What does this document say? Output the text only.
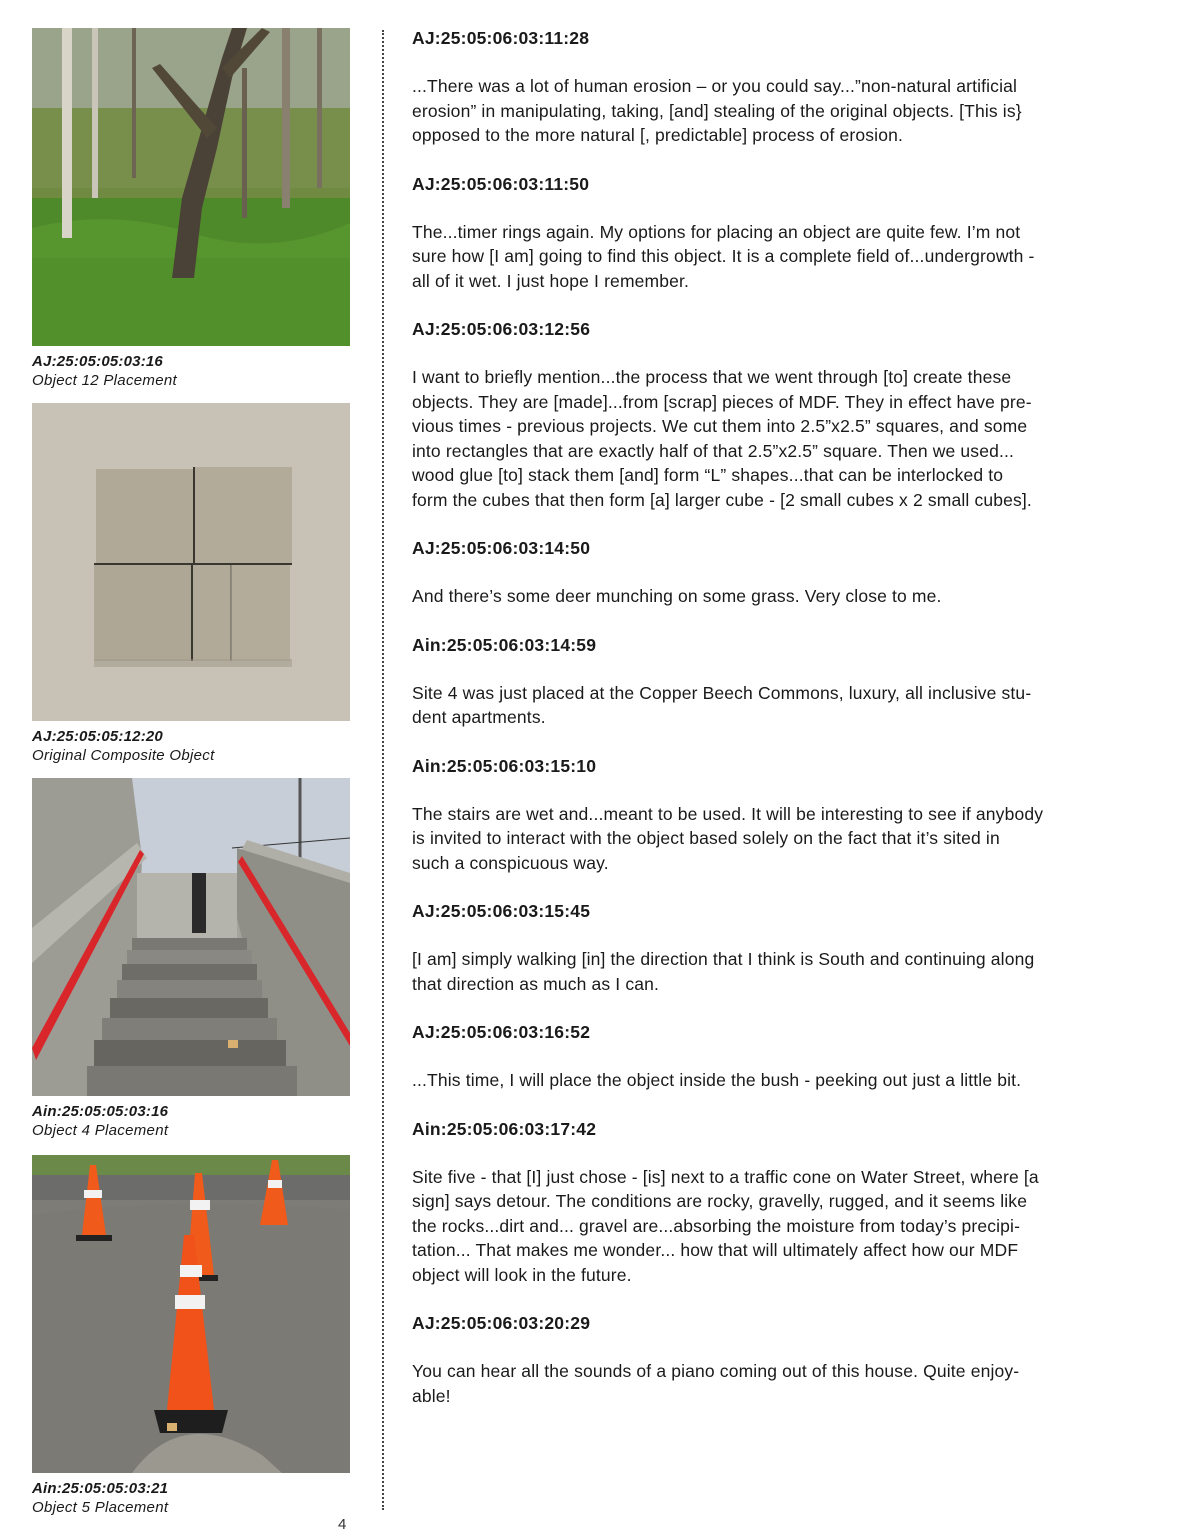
AJ:25:05:05:03:16
Object 12 Placement
AJ:25:05:05:12:20
Original Composite Object
Ain:25:05:05:03:16
Object 4 Placement
Ain:25:05:05:03:21
Object 5 Placement
AJ:25:05:06:03:11:28
...There was a lot of human erosion – or you could say...”non-natural artificial
erosion” in manipulating, taking, [and] stealing of the original objects. [This is}
opposed to the more natural [, predictable] process of erosion.
AJ:25:05:06:03:11:50
The...timer rings again. My options for placing an object are quite few. I’m not
sure how [I am] going to find this object. It is a complete field of...undergrowth -
all of it wet. I just hope I remember.
AJ:25:05:06:03:12:56
I want to briefly mention...the process that we went through [to] create these
objects. They are [made]...from [scrap] pieces of MDF. They in effect have pre-
vious times - previous projects. We cut them into 2.5”x2.5” squares, and some
into rectangles that are exactly half of that 2.5”x2.5” square. Then we used...
wood glue [to] stack them [and] form “L” shapes...that can be interlocked to
form the cubes that then form [a] larger cube - [2 small cubes x 2 small cubes].
AJ:25:05:06:03:14:50
And there’s some deer munching on some grass. Very close to me.
Ain:25:05:06:03:14:59
Site 4 was just placed at the Copper Beech Commons, luxury, all inclusive stu-
dent apartments.
Ain:25:05:06:03:15:10
The stairs are wet and...meant to be used. It will be interesting to see if anybody
is invited to interact with the object based solely on the fact that it’s sited in
such a conspicuous way.
AJ:25:05:06:03:15:45
[I am] simply walking [in] the direction that I think is South and continuing along
that direction as much as I can.
AJ:25:05:06:03:16:52
...This time, I will place the object inside the bush - peeking out just a little bit.
Ain:25:05:06:03:17:42
Site five - that [I] just chose - [is] next to a traffic cone on Water Street, where [a
sign] says detour. The conditions are rocky, gravelly, rugged, and it seems like
the rocks...dirt and... gravel are...absorbing the moisture from today’s precipi-
tation... That makes me wonder... how that will ultimately affect how our MDF
object will look in the future.
AJ:25:05:06:03:20:29
You can hear all the sounds of a piano coming out of this house. Quite enjoy-
able!
4
